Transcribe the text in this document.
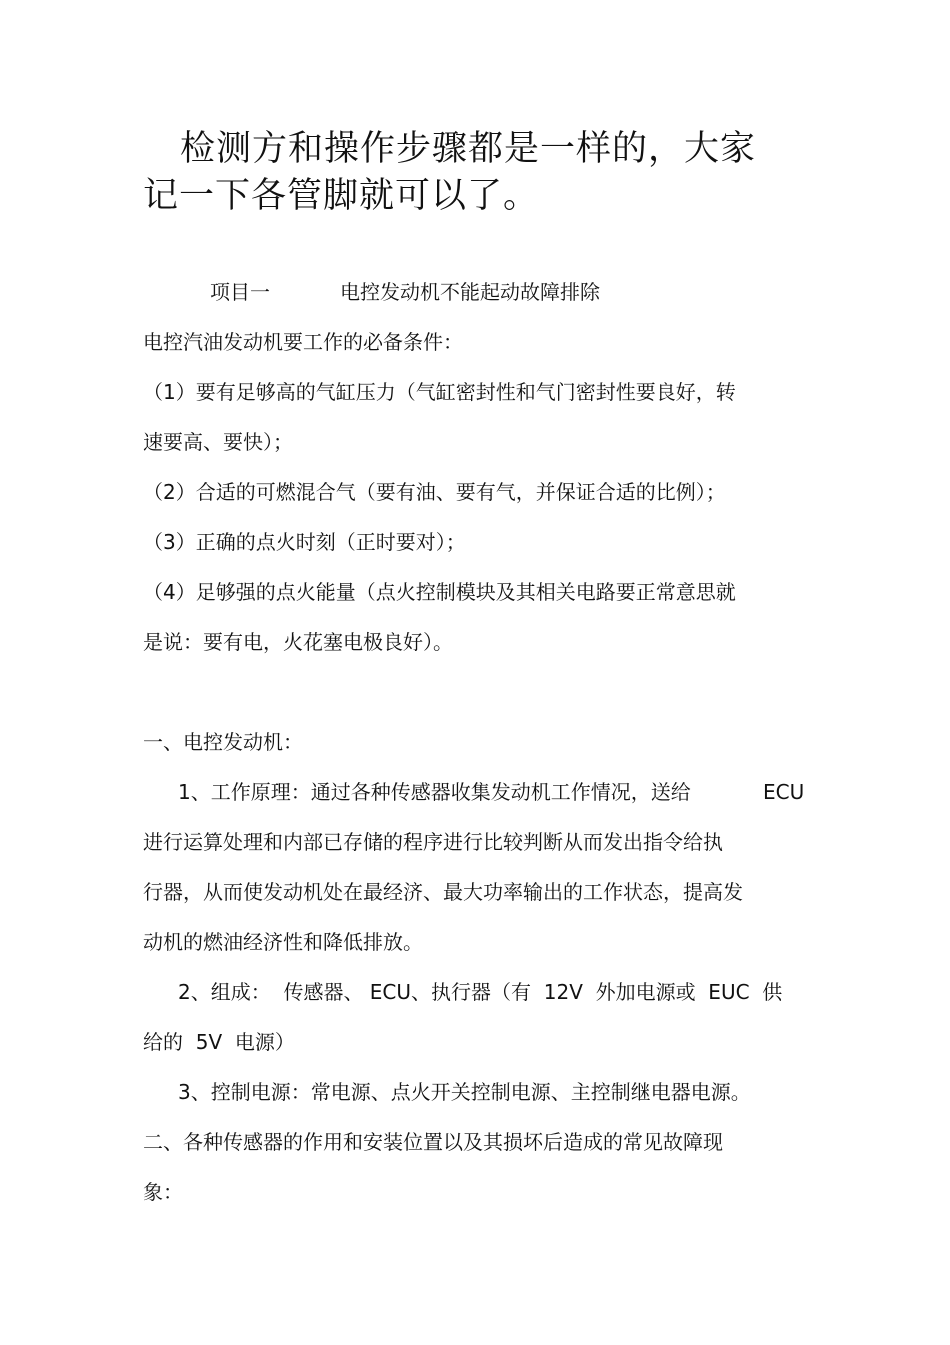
检测方和操作步骤都是一样的，大家
记一下各管脚就可以了。
项目一	电控发动机不能起动故障排除
电控汽油发动机要工作的必备条件：
（1）要有足够高的气缸压力（气缸密封性和气门密封性要良好，转
速要高、要快）；
（2）合适的可燃混合气（要有油、要有气，并保证合适的比例）；
（3）正确的点火时刻（正时要对）；
（4）足够强的点火能量（点火控制模块及其相关电路要正常意思就
是说：要有电，火花塞电极良好）。
一、电控发动机：
1、工作原理：通过各种传感器收集发动机工作情况，送给	ECU
进行运算处理和内部已存储的程序进行比较判断从而发出指令给执
行器，从而使发动机处在最经济、最大功率输出的工作状态，提高发
动机的燃油经济性和降低排放。
2、组成：  传感器、 ECU、执行器（有  12V  外加电源或  EUC  供
给的  5V  电源）
3、控制电源：常电源、点火开关控制电源、主控制继电器电源。
二、各种传感器的作用和安装位置以及其损坏后造成的常见故障现
象：
